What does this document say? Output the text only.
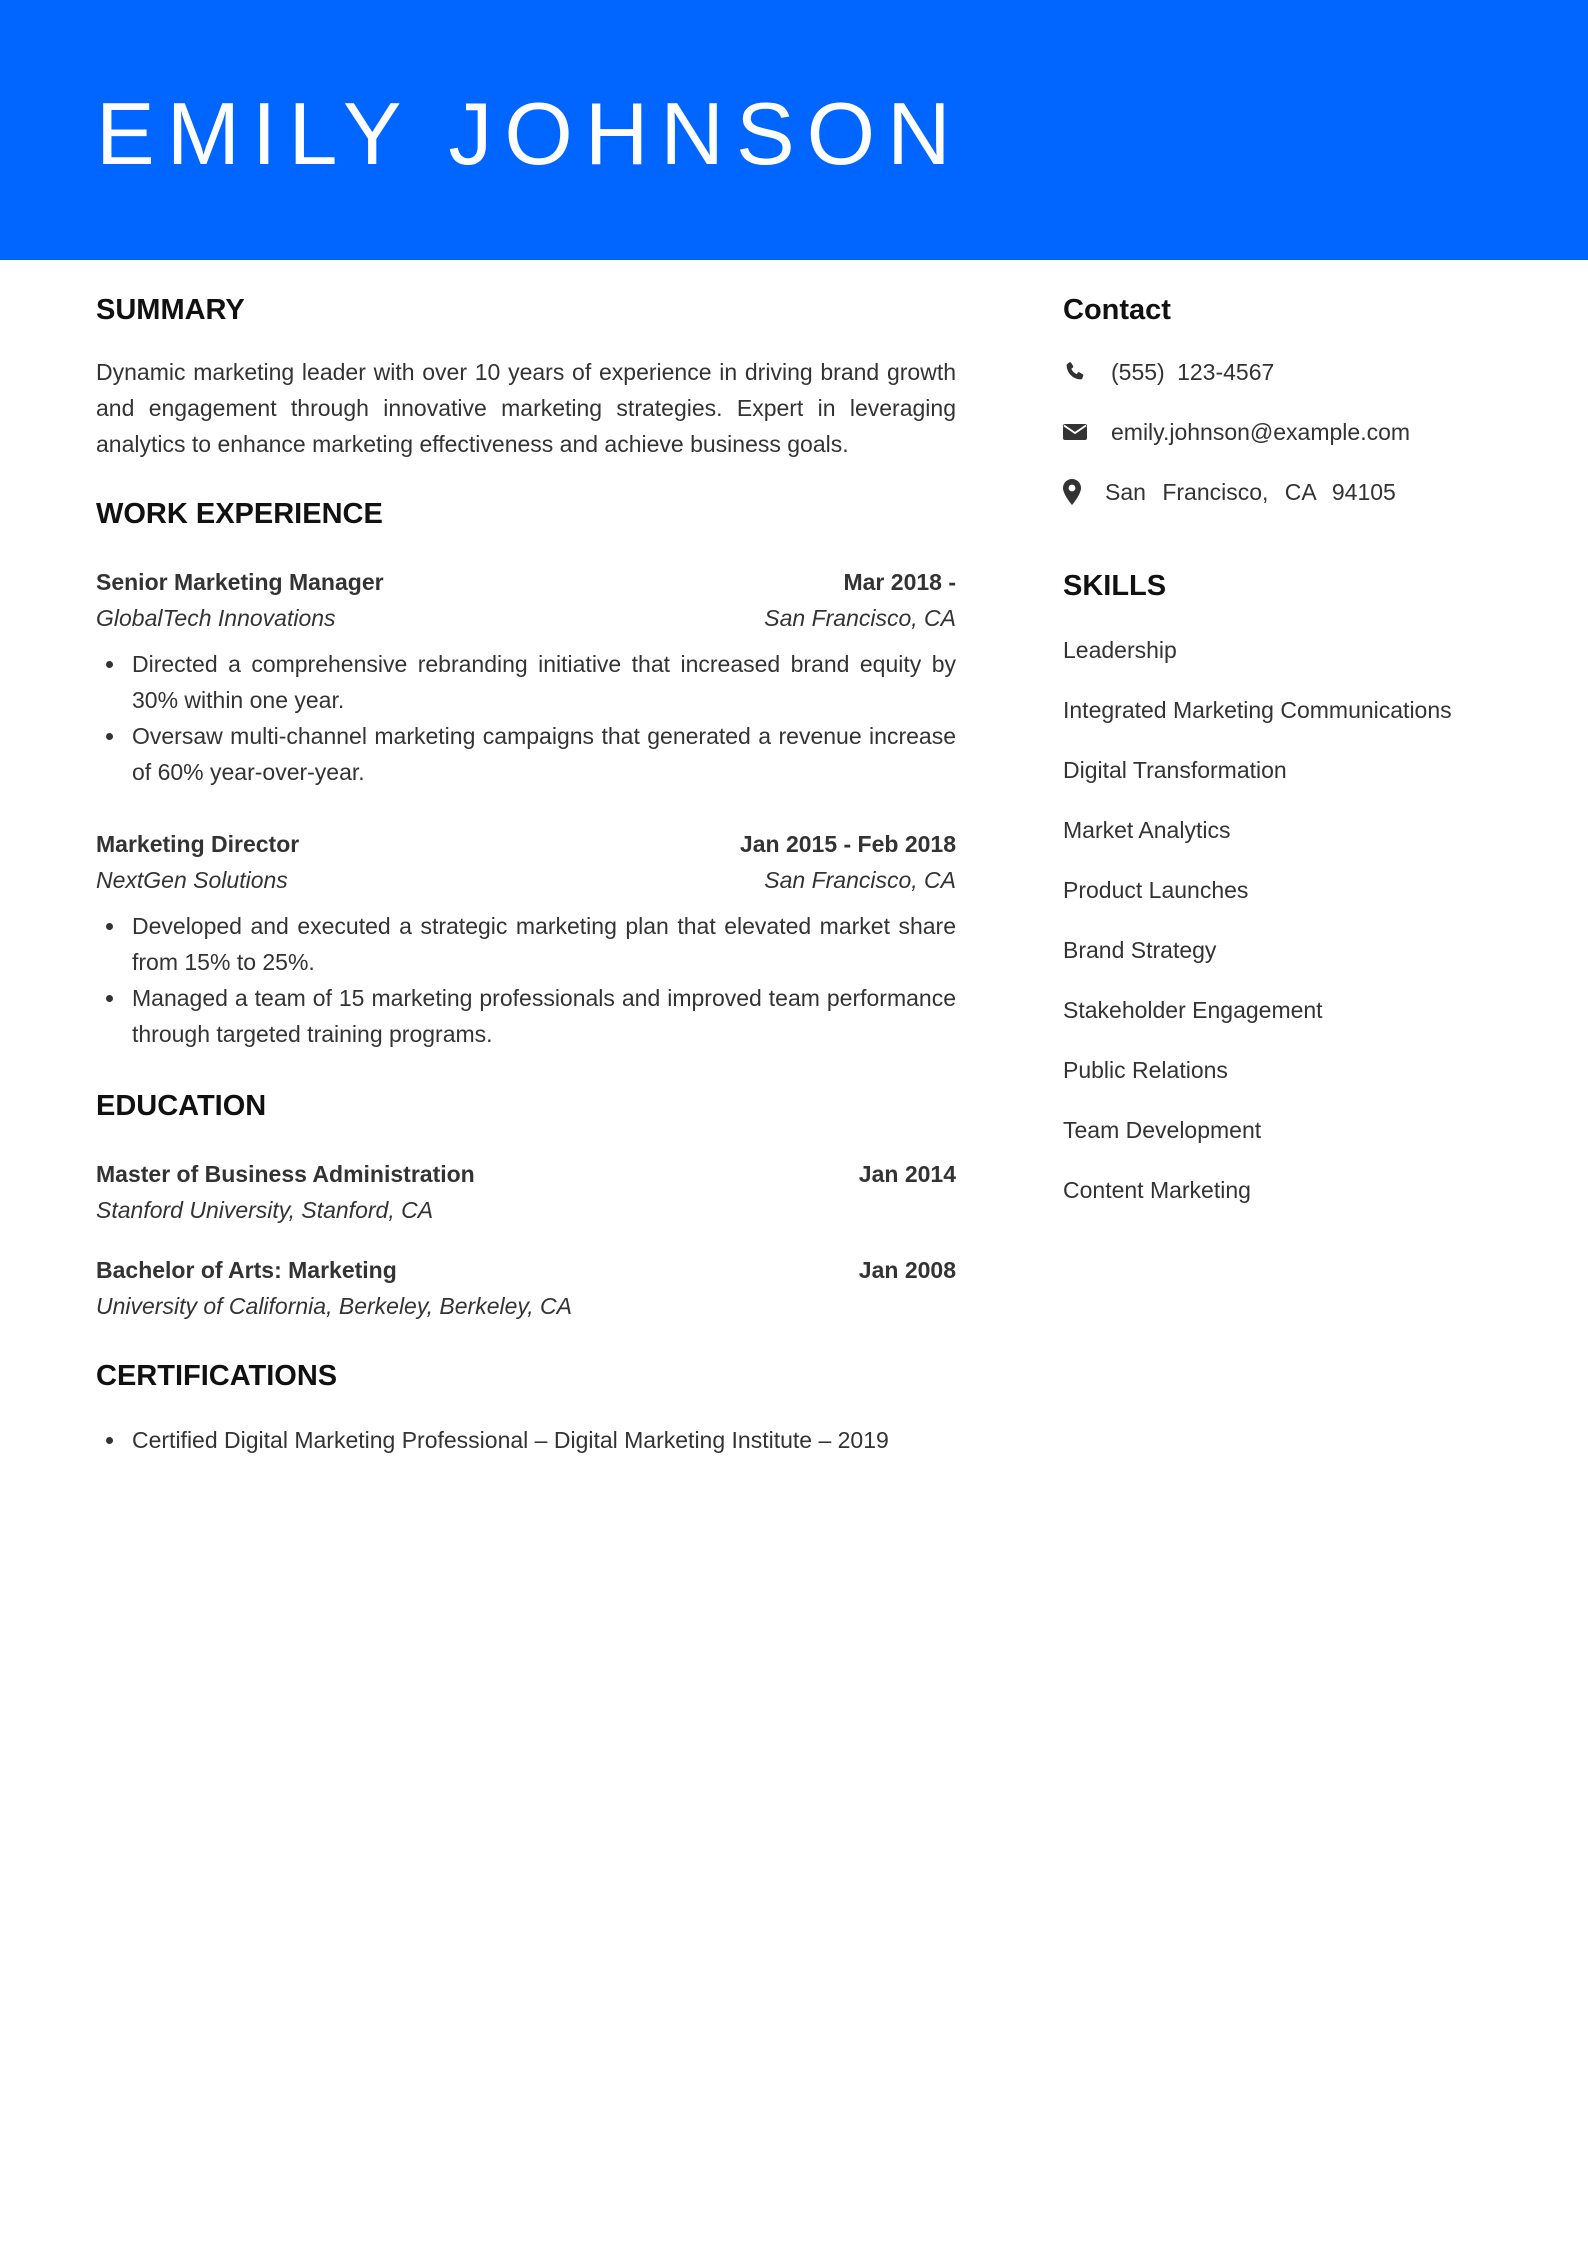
EMILY JOHNSON
SUMMARY

Dynamic marketing leader with over 10 years of experience in driving brand growth and engagement through innovative marketing strategies. Expert in leveraging analytics to enhance marketing effectiveness and achieve business goals.

WORK EXPERIENCE
Senior Marketing Manager	Mar 2018 -
GlobalTech Innovations	San Francisco, CA
Directed a comprehensive rebranding initiative that increased brand equity by 30% within one year.
Oversaw multi-channel marketing campaigns that generated a revenue increase of 60% year-over-year.
Marketing Director	Jan 2015 - Feb 2018
NextGen Solutions	San Francisco, CA
Developed and executed a strategic marketing plan that elevated market share from 15% to 25%.
Managed a team of 15 marketing professionals and improved team performance through targeted training programs.
EDUCATION
Master of Business Administration	Jan 2014
Stanford University, Stanford, CA
Bachelor of Arts: Marketing	Jan 2008
University of California, Berkeley, Berkeley, CA
CERTIFICATIONS
Certified Digital Marketing Professional – Digital Marketing Institute – 2019
Contact
(555) 123-4567
emily.johnson@example.com
San Francisco, CA 94105
SKILLS
Leadership
Integrated Marketing Communications
Digital Transformation
Market Analytics
Product Launches
Brand Strategy
Stakeholder Engagement
Public Relations
Team Development
Content Marketing
